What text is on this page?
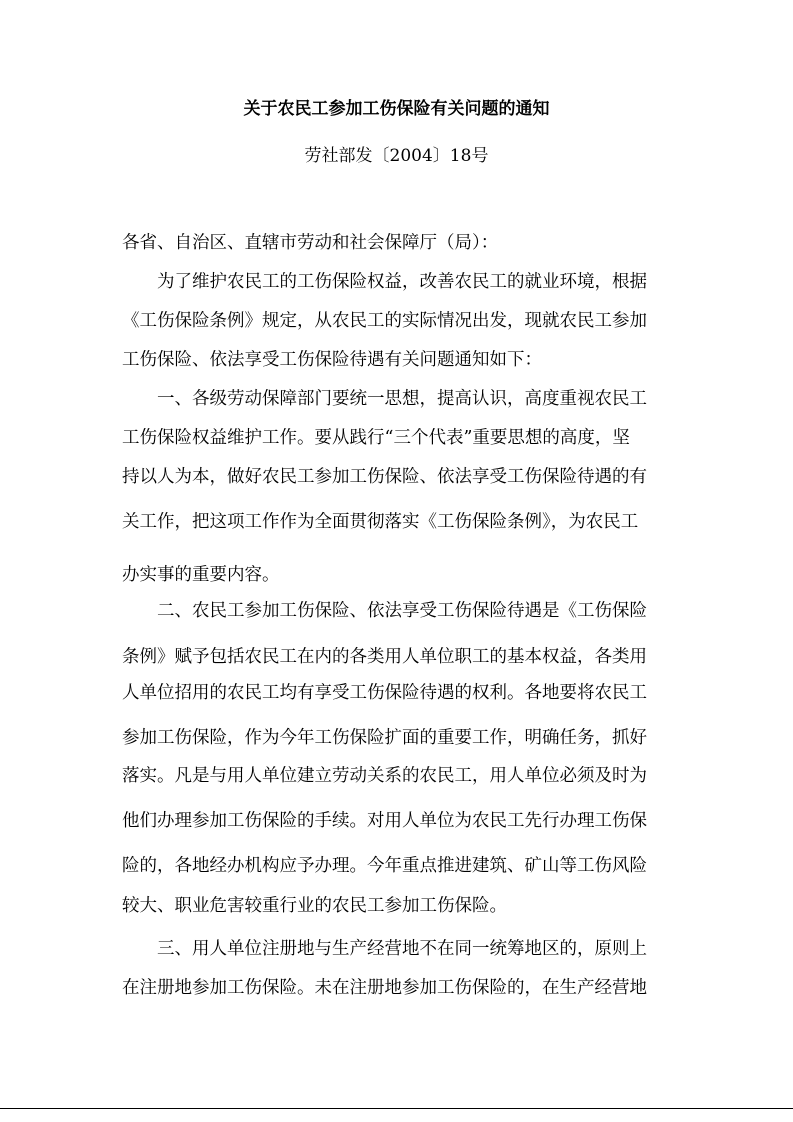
关于农民工参加工伤保险有关问题的通知
劳社部发〔2004〕18号
各省、自治区、直辖市劳动和社会保障厅（局）：
为了维护农民工的工伤保险权益，改善农民工的就业环境，根据
《工伤保险条例》规定，从农民工的实际情况出发，现就农民工参加
工伤保险、依法享受工伤保险待遇有关问题通知如下：
一、各级劳动保障部门要统一思想，提高认识，高度重视农民工
工伤保险权益维护工作。要从践行“三个代表”重要思想的高度，坚
持以人为本，做好农民工参加工伤保险、依法享受工伤保险待遇的有
关工作，把这项工作作为全面贯彻落实《工伤保险条例》，为农民工
办实事的重要内容。
二、农民工参加工伤保险、依法享受工伤保险待遇是《工伤保险
条例》赋予包括农民工在内的各类用人单位职工的基本权益，各类用
人单位招用的农民工均有享受工伤保险待遇的权利。各地要将农民工
参加工伤保险，作为今年工伤保险扩面的重要工作，明确任务，抓好
落实。凡是与用人单位建立劳动关系的农民工，用人单位必须及时为
他们办理参加工伤保险的手续。对用人单位为农民工先行办理工伤保
险的，各地经办机构应予办理。今年重点推进建筑、矿山等工伤风险
较大、职业危害较重行业的农民工参加工伤保险。
三、用人单位注册地与生产经营地不在同一统筹地区的，原则上
在注册地参加工伤保险。未在注册地参加工伤保险的，在生产经营地
